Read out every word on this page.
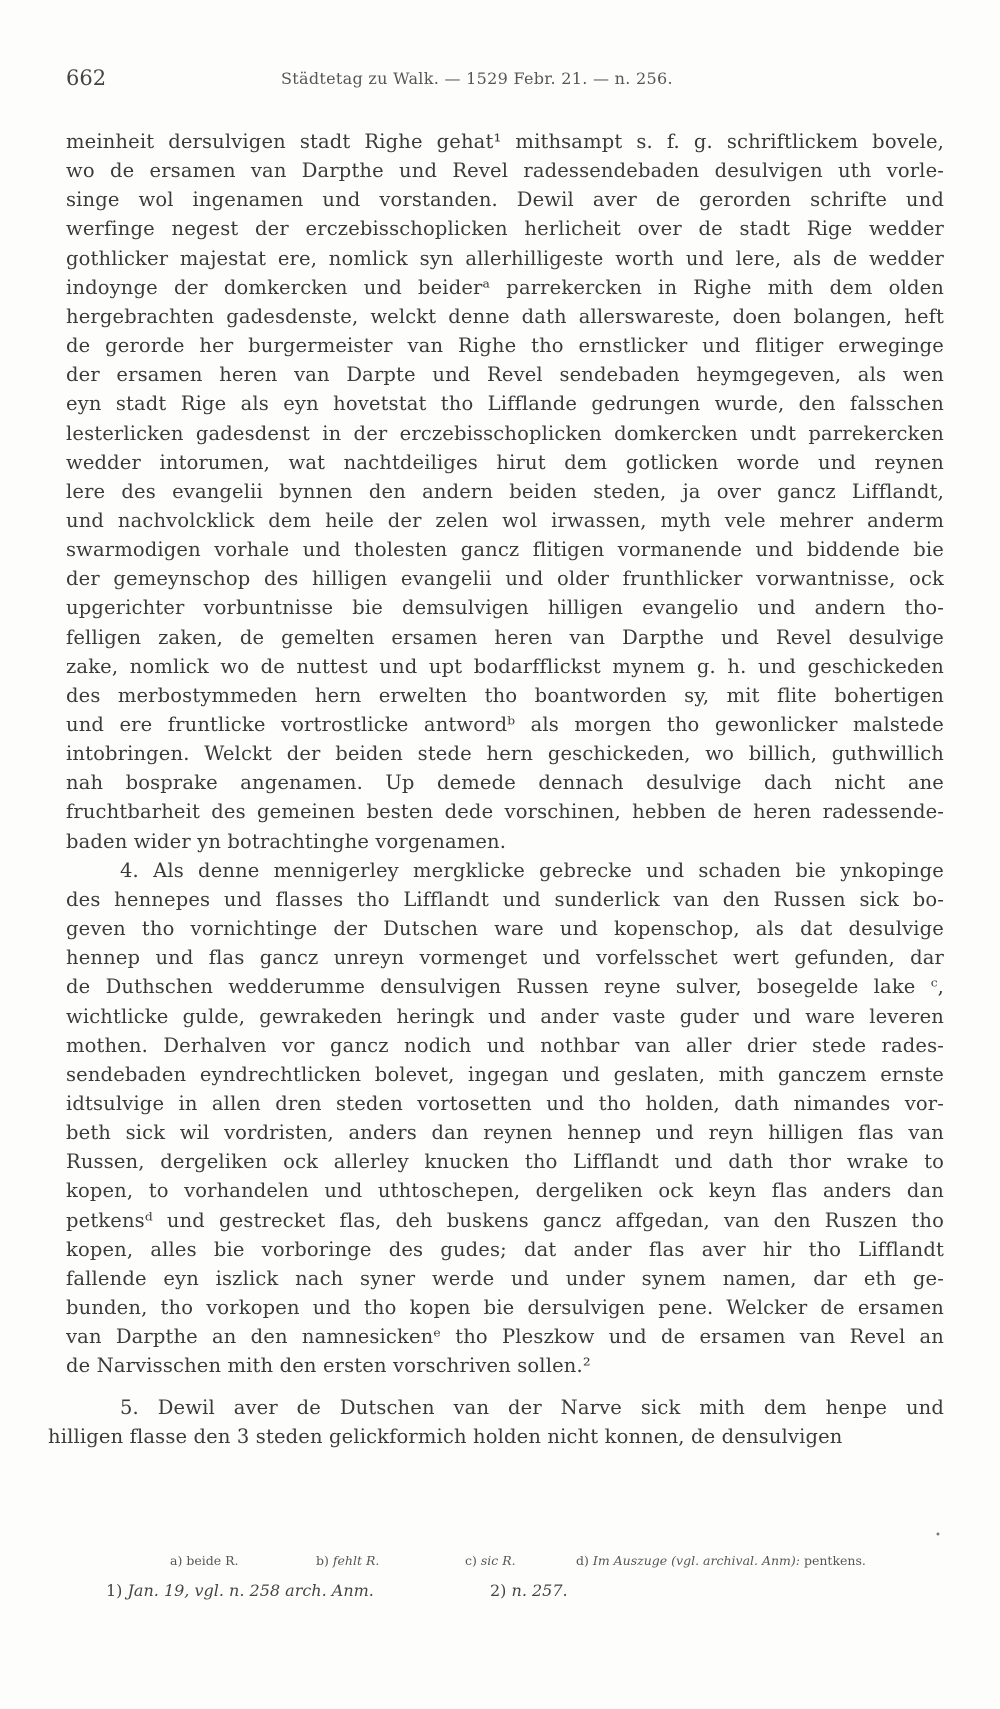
662	Städtetag zu Walk. — 1529 Febr. 21. — n. 256.
meinheit dersulvigen stadt Righe gehat¹ mithsampt s. f. g. schriftlickem bovele,
wo de ersamen van Darpthe und Revel radessendebaden desulvigen uth vorle-
singe wol ingenamen und vorstanden. Dewil aver de gerorden schrifte und
werfinge negest der erczebisschoplicken herlicheit over de stadt Rige wedder
gothlicker majestat ere, nomlick syn allerhilligeste worth und lere, als de wedder
indoynge der domkercken und beiderᵃ parrekercken in Righe mith dem olden
hergebrachten gadesdenste, welckt denne dath allerswareste, doen bolangen, heft
de gerorde her burgermeister van Righe tho ernstlicker und flitiger erweginge
der ersamen heren van Darpte und Revel sendebaden heymgegeven, als wen
eyn stadt Rige als eyn hovetstat tho Lifflande gedrungen wurde, den falsschen
lesterlicken gadesdenst in der erczebisschoplicken domkercken undt parrekercken
wedder intorumen, wat nachtdeiliges hirut dem gotlicken worde und reynen
lere des evangelii bynnen den andern beiden steden, ja over gancz Lifflandt,
und nachvolcklick dem heile der zelen wol irwassen, myth vele mehrer anderm
swarmodigen vorhale und tholesten gancz flitigen vormanende und biddende bie
der gemeynschop des hilligen evangelii und older frunthlicker vorwantnisse, ock
upgerichter vorbuntnisse bie demsulvigen hilligen evangelio und andern tho-
felligen zaken, de gemelten ersamen heren van Darpthe und Revel desulvige
zake, nomlick wo de nuttest und upt bodarfflickst mynem g. h. und geschickeden
des merbostymmeden hern erwelten tho boantworden sy, mit flite bohertigen
und ere fruntlicke vortrostlicke antwordᵇ als morgen tho gewonlicker malstede
intobringen. Welckt der beiden stede hern geschickeden, wo billich, guthwillich
nah bosprake angenamen. Up demede dennach desulvige dach nicht ane
fruchtbarheit des gemeinen besten dede vorschinen, hebben de heren radessende-
baden wider yn botrachtinghe vorgenamen.
4. Als denne mennigerley mergklicke gebrecke und schaden bie ynkopinge
des hennepes und flasses tho Lifflandt und sunderlick van den Russen sick bo-
geven tho vornichtinge der Dutschen ware und kopenschop, als dat desulvige
hennep und flas gancz unreyn vormenget und vorfelsschet wert gefunden, dar
de Duthschen wedderumme densulvigen Russen reyne sulver, bosegelde lake ᶜ,
wichtlicke gulde, gewrakeden heringk und ander vaste guder und ware leveren
mothen. Derhalven vor gancz nodich und nothbar van aller drier stede rades-
sendebaden eyndrechtlicken bolevet, ingegan und geslaten, mith ganczem ernste
idtsulvige in allen dren steden vortosetten und tho holden, dath nimandes vor-
beth sick wil vordristen, anders dan reynen hennep und reyn hilligen flas van
Russen, dergeliken ock allerley knucken tho Lifflandt und dath thor wrake to
kopen, to vorhandelen und uthtoschepen, dergeliken ock keyn flas anders dan
petkensᵈ und gestrecket flas, deh buskens gancz affgedan, van den Ruszen tho
kopen, alles bie vorboringe des gudes; dat ander flas aver hir tho Lifflandt
fallende eyn iszlick nach syner werde und under synem namen, dar eth ge-
bunden, tho vorkopen und tho kopen bie dersulvigen pene. Welcker de ersamen
van Darpthe an den namnesickenᵉ tho Pleszkow und de ersamen van Revel an
de Narvisschen mith den ersten vorschriven sollen.²
5. Dewil aver de Dutschen van der Narve sick mith dem henpe und
hilligen flasse den 3 steden gelickformich holden nicht konnen, de densulvigen
a) beide R.	b) fehlt R.	c) sic R.	d) Im Auszuge (vgl. archival. Anm): pentkens.
1) Jan. 19, vgl. n. 258 arch. Anm.	2) n. 257.
•
